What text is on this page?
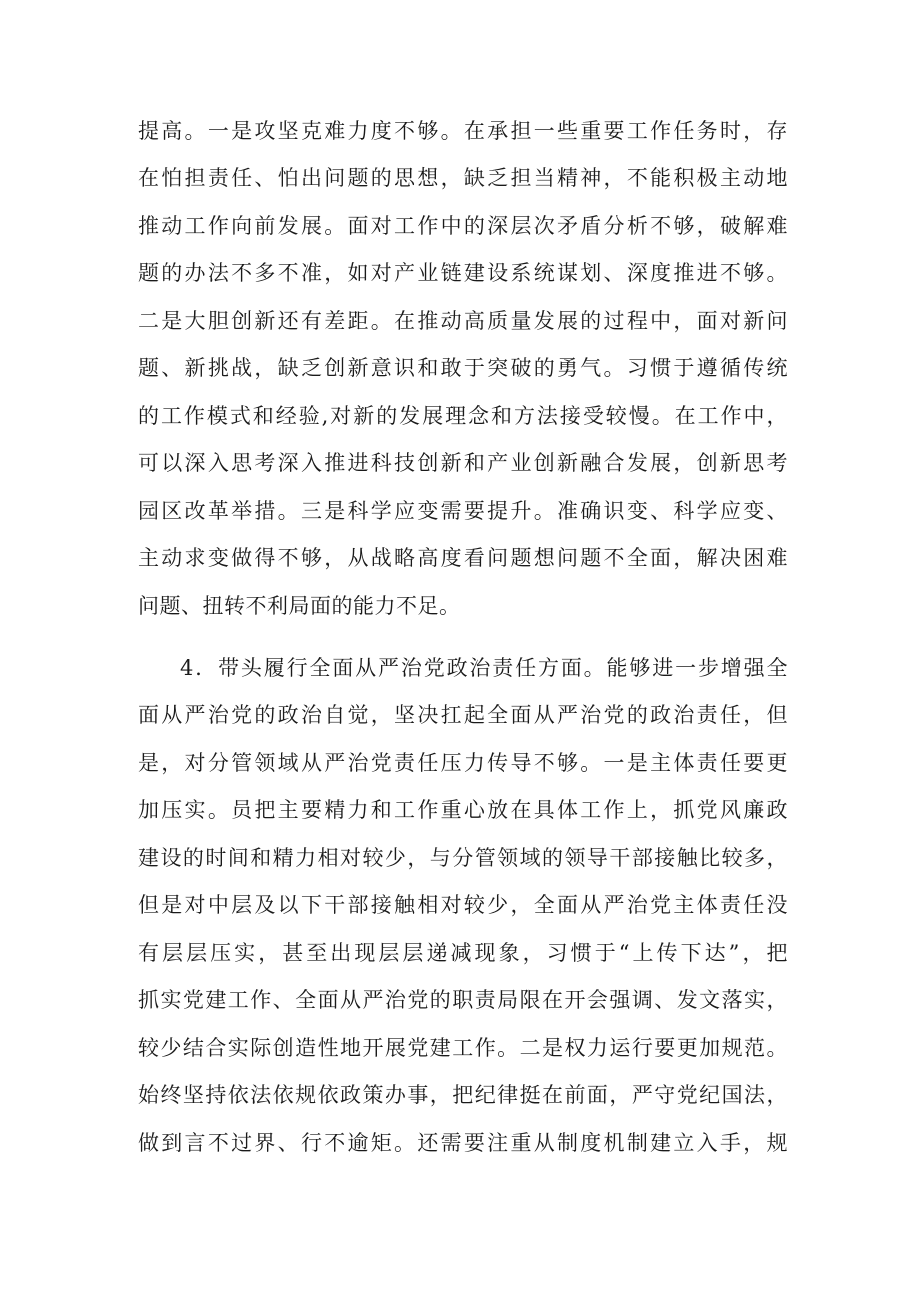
提高。一是攻坚克难力度不够。在承担一些重要工作任务时，存
在怕担责任、怕出问题的思想，缺乏担当精神，不能积极主动地
推动工作向前发展。面对工作中的深层次矛盾分析不够，破解难
题的办法不多不准，如对产业链建设系统谋划、深度推进不够。
二是大胆创新还有差距。在推动高质量发展的过程中，面对新问
题、新挑战，缺乏创新意识和敢于突破的勇气。习惯于遵循传统
的工作模式和经验,对新的发展理念和方法接受较慢。在工作中，
可以深入思考深入推进科技创新和产业创新融合发展，创新思考
园区改革举措。三是科学应变需要提升。准确识变、科学应变、
主动求变做得不够，从战略高度看问题想问题不全面，解决困难
问题、扭转不利局面的能力不足。
4．带头履行全面从严治党政治责任方面。能够进一步增强全
面从严治党的政治自觉，坚决扛起全面从严治党的政治责任，但
是，对分管领域从严治党责任压力传导不够。一是主体责任要更
加压实。员把主要精力和工作重心放在具体工作上，抓党风廉政
建设的时间和精力相对较少，与分管领域的领导干部接触比较多，
但是对中层及以下干部接触相对较少，全面从严治党主体责任没
有层层压实，甚至出现层层递减现象，习惯于“上传下达”，把
抓实党建工作、全面从严治党的职责局限在开会强调、发文落实，
较少结合实际创造性地开展党建工作。二是权力运行要更加规范。
始终坚持依法依规依政策办事，把纪律挺在前面，严守党纪国法，
做到言不过界、行不逾矩。还需要注重从制度机制建立入手，规
